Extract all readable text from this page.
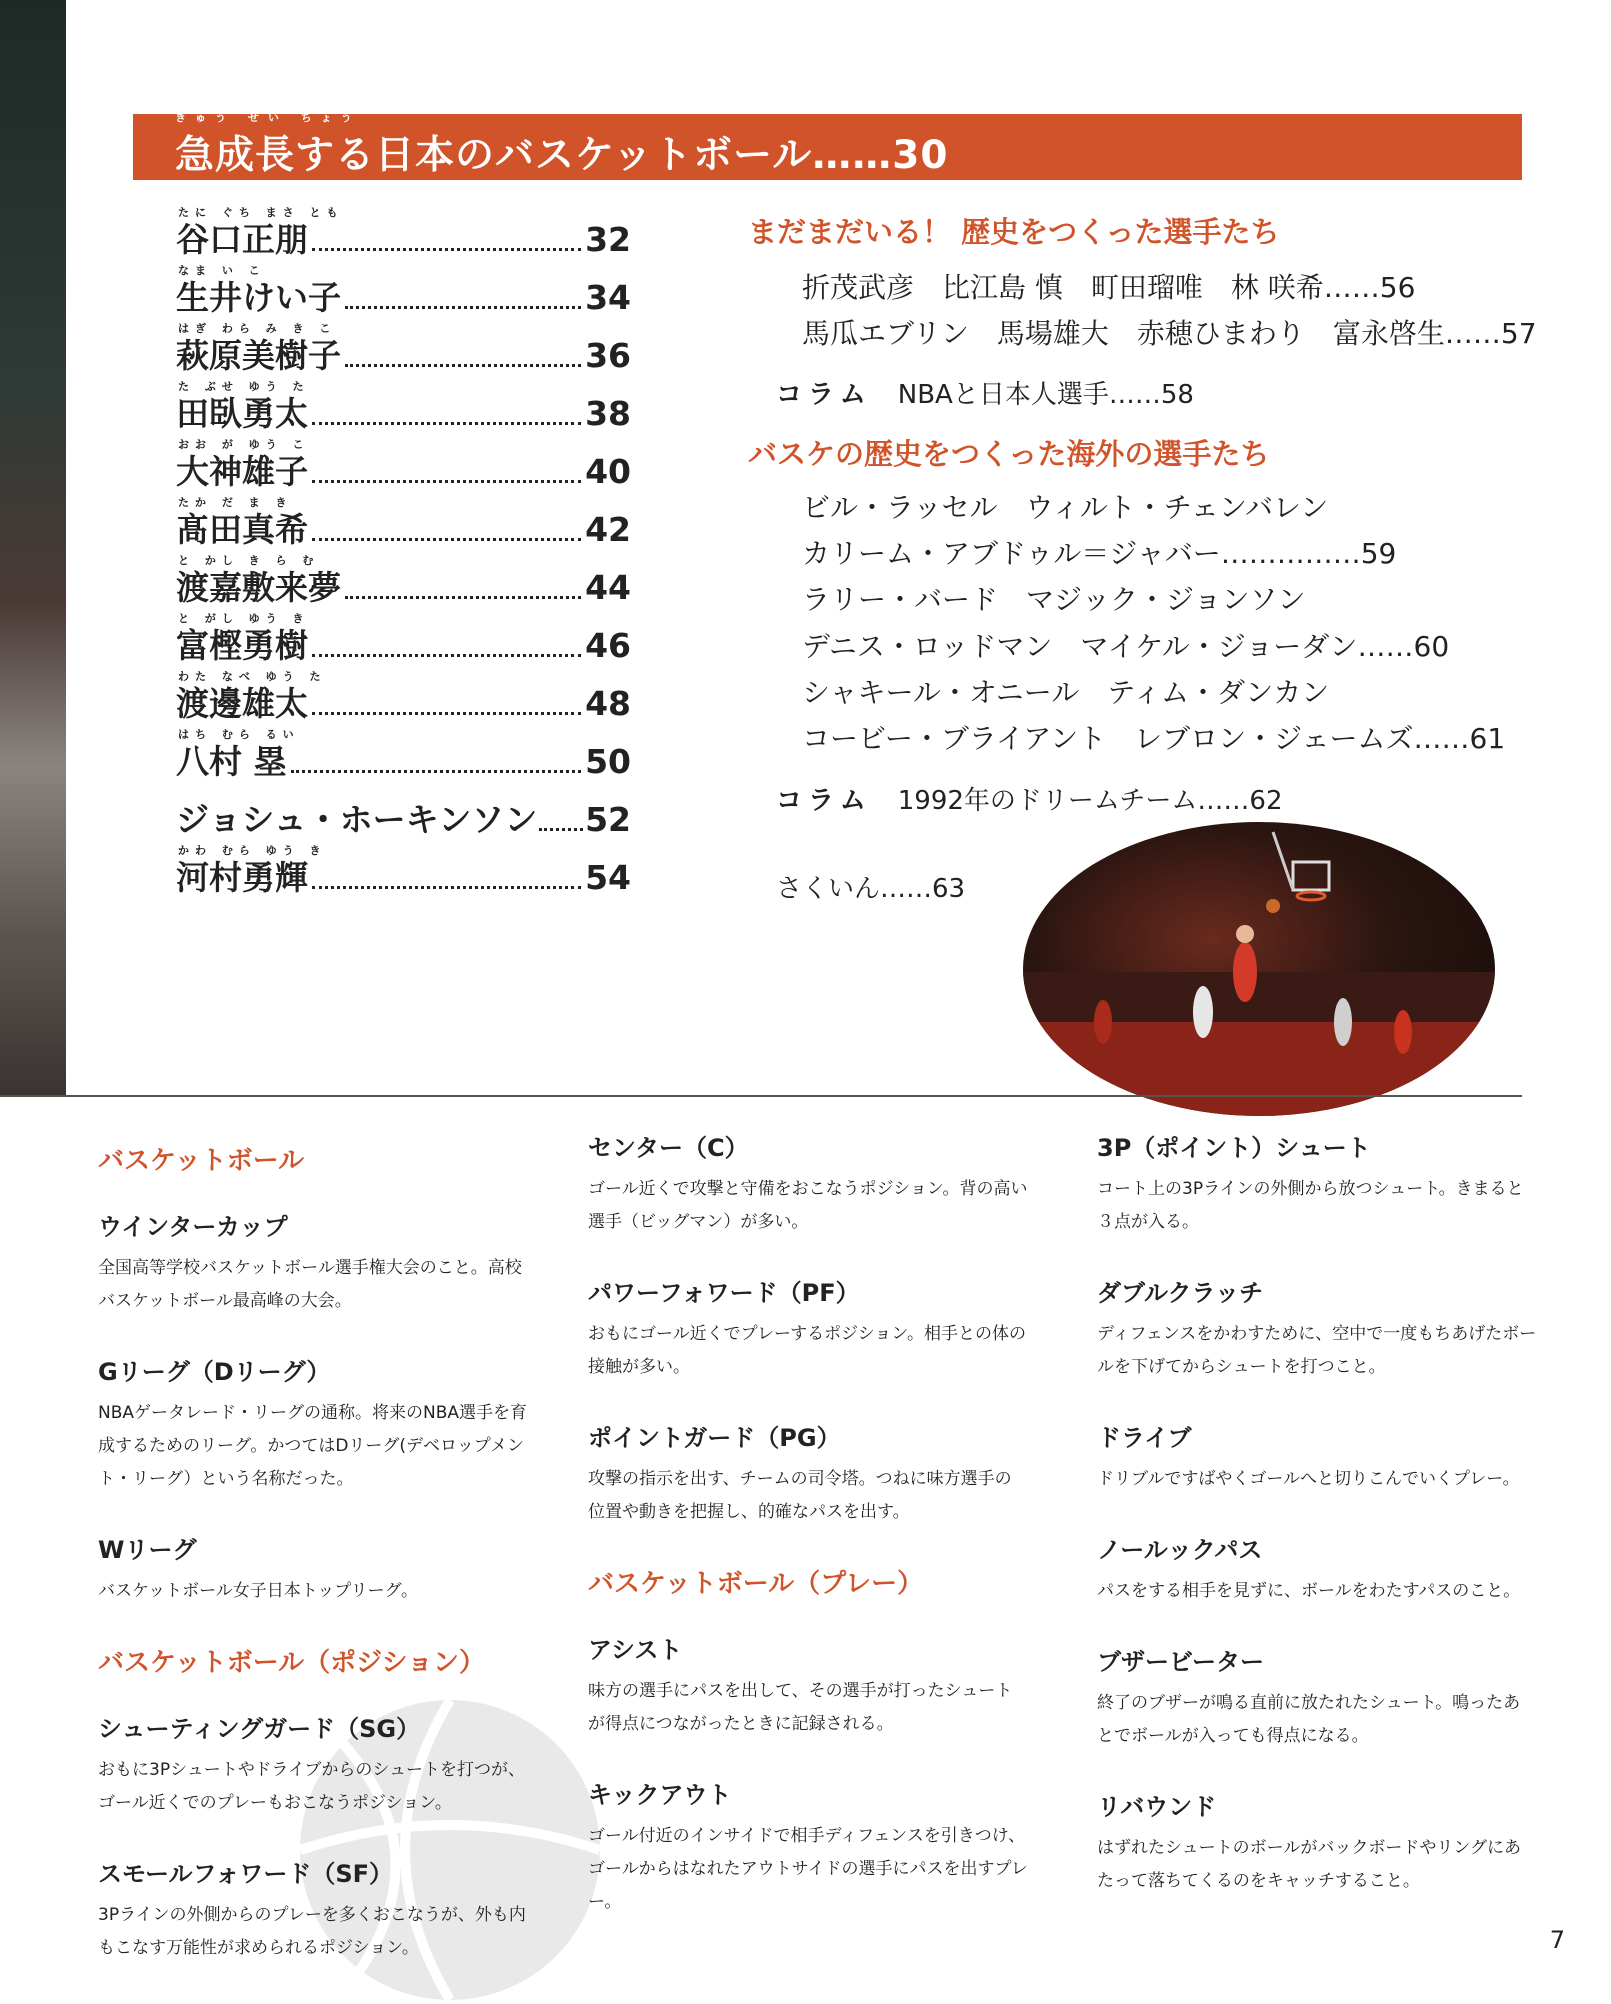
きゅう せい ちょう
急成長する日本のバスケットボール……30
たに ぐち まさ とも
谷口正朋	32
なま い こ
生井けい子	34
はぎ わら み き こ
萩原美樹子	36
た ぶせ ゆう た
田臥勇太	38
おお が ゆう こ
大神雄子	40
たか だ ま き
髙田真希	42
と かし き ら む
渡嘉敷来夢	44
と がし ゆう き
富樫勇樹	46
わた なべ ゆう た
渡邊雄太	48
はち むら るい
八村 塁	50
ジョシュ・ホーキンソン 52
かわ むら ゆう き
河村勇輝	54
まだまだいる！ 歴史をつくった選手たち
折茂武彦　比江島 慎　町田瑠唯　林 咲希……56
馬瓜エブリン　馬場雄大　赤穂ひまわり　富永啓生……57
コラム NBAと日本人選手……58
バスケの歴史をつくった海外の選手たち
ビル・ラッセル　ウィルト・チェンバレン
カリーム・アブドゥル＝ジャバー……………59
ラリー・バード　マジック・ジョンソン
デニス・ロッドマン　マイケル・ジョーダン……60
シャキール・オニール　ティム・ダンカン
コービー・ブライアント　レブロン・ジェームズ……61
コラム 1992年のドリームチーム……62
さくいん……63
バスケットボール
ウインターカップ
全国高等学校バスケットボール選手権大会のこと。高校バスケットボール最高峰の大会。
Gリーグ（Dリーグ）
NBAゲータレード・リーグの通称。将来のNBA選手を育成するためのリーグ。かつてはDリーグ(デベロップメント・リーグ）という名称だった。
Wリーグ
バスケットボール女子日本トップリーグ。
バスケットボール（ポジション）
シューティングガード（SG）
おもに3Pシュートやドライブからのシュートを打つが、ゴール近くでのプレーもおこなうポジション。
スモールフォワード（SF）
3Pラインの外側からのプレーを多くおこなうが、外も内もこなす万能性が求められるポジション。
センター（C）
ゴール近くで攻撃と守備をおこなうポジション。背の高い選手（ビッグマン）が多い。
パワーフォワード（PF）
おもにゴール近くでプレーするポジション。相手との体の接触が多い。
ポイントガード（PG）
攻撃の指示を出す、チームの司令塔。つねに味方選手の位置や動きを把握し、的確なパスを出す。
バスケットボール（プレー）
アシスト
味方の選手にパスを出して、その選手が打ったシュートが得点につながったときに記録される。
キックアウト
ゴール付近のインサイドで相手ディフェンスを引きつけ、ゴールからはなれたアウトサイドの選手にパスを出すプレー。
3P（ポイント）シュート
コート上の3Pラインの外側から放つシュート。きまると３点が入る。
ダブルクラッチ
ディフェンスをかわすために、空中で一度もちあげたボールを下げてからシュートを打つこと。
ドライブ
ドリブルですばやくゴールへと切りこんでいくプレー。
ノールックパス
パスをする相手を見ずに、ボールをわたすパスのこと。
ブザービーター
終了のブザーが鳴る直前に放たれたシュート。鳴ったあとでボールが入っても得点になる。
リバウンド
はずれたシュートのボールがバックボードやリングにあたって落ちてくるのをキャッチすること。
7
